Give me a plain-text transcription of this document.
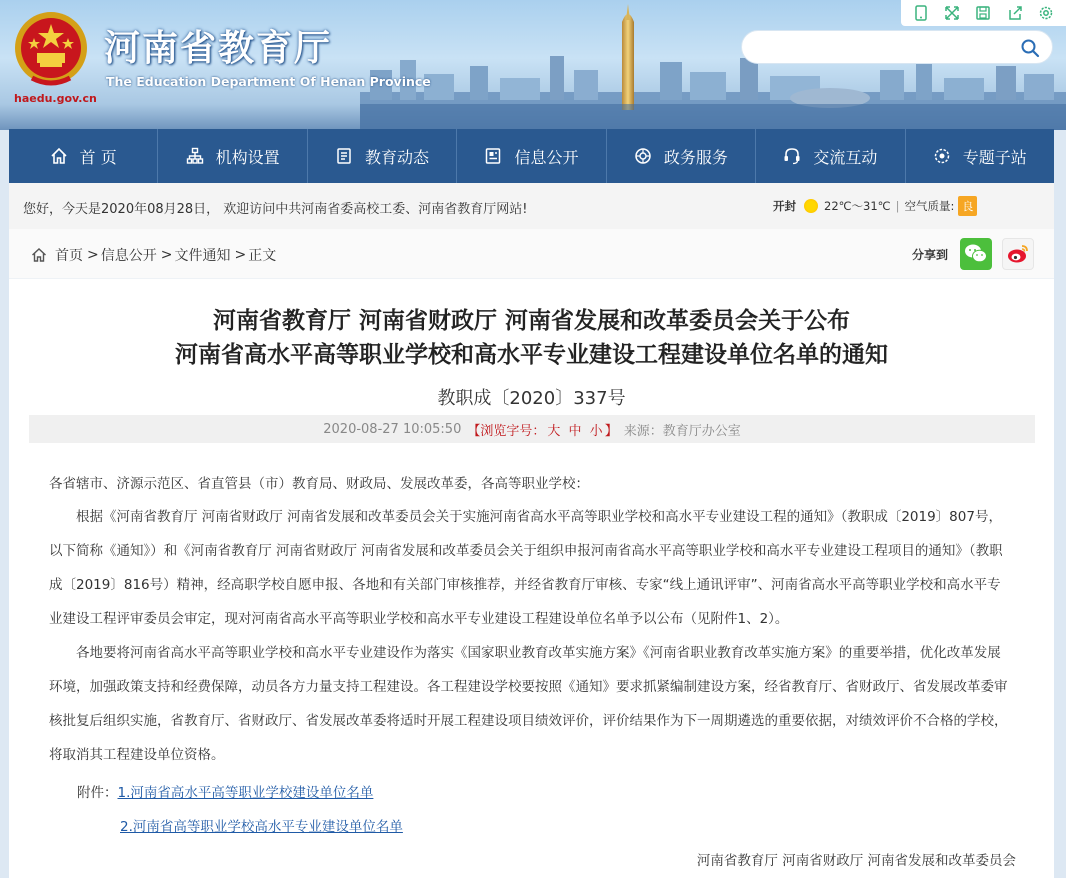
haedu.gov.cn
河南省教育厅
The Education Department Of Henan Province
首 页	机构设置	教育动态	信息公开	政务服务	交流互动	专题子站
您好，今天是2020年08月28日， 欢迎访问中共河南省委高校工委、河南省教育厅网站!	开封 22℃～31℃ | 空气质量: 良
首页 > 信息公开 > 文件通知 > 正文	分享到
河南省教育厅 河南省财政厅 河南省发展和改革委员会关于公布
河南省高水平高等职业学校和高水平专业建设工程建设单位名单的通知
教职成〔2020〕337号
2020-08-27 10:05:50 【浏览字号： 大 中 小 】 来源：教育厅办公室
各省辖市、济源示范区、省直管县（市）教育局、财政局、发展改革委，各高等职业学校：
根据《河南省教育厅 河南省财政厅 河南省发展和改革委员会关于实施河南省高水平高等职业学校和高水平专业建设工程的通知》（教职成〔2019〕807号，以下简称《通知》）和《河南省教育厅 河南省财政厅 河南省发展和改革委员会关于组织申报河南省高水平高等职业学校和高水平专业建设工程项目的通知》（教职成〔2019〕816号）精神，经高职学校自愿申报、各地和有关部门审核推荐，并经省教育厅审核、专家“线上通讯评审”、河南省高水平高等职业学校和高水平专业建设工程评审委员会审定，现对河南省高水平高等职业学校和高水平专业建设工程建设单位名单予以公布（见附件1、2）。
各地要将河南省高水平高等职业学校和高水平专业建设作为落实《国家职业教育改革实施方案》《河南省职业教育改革实施方案》的重要举措，优化改革发展环境，加强政策支持和经费保障，动员各方力量支持工程建设。各工程建设学校要按照《通知》要求抓紧编制建设方案，经省教育厅、省财政厅、省发展改革委审核批复后组织实施，省教育厅、省财政厅、省发展改革委将适时开展工程建设项目绩效评价，评价结果作为下一周期遴选的重要依据，对绩效评价不合格的学校，将取消其工程建设单位资格。
附件：1.河南省高水平高等职业学校建设单位名单
2.河南省高等职业学校高水平专业建设单位名单
河南省教育厅 河南省财政厅 河南省发展和改革委员会
